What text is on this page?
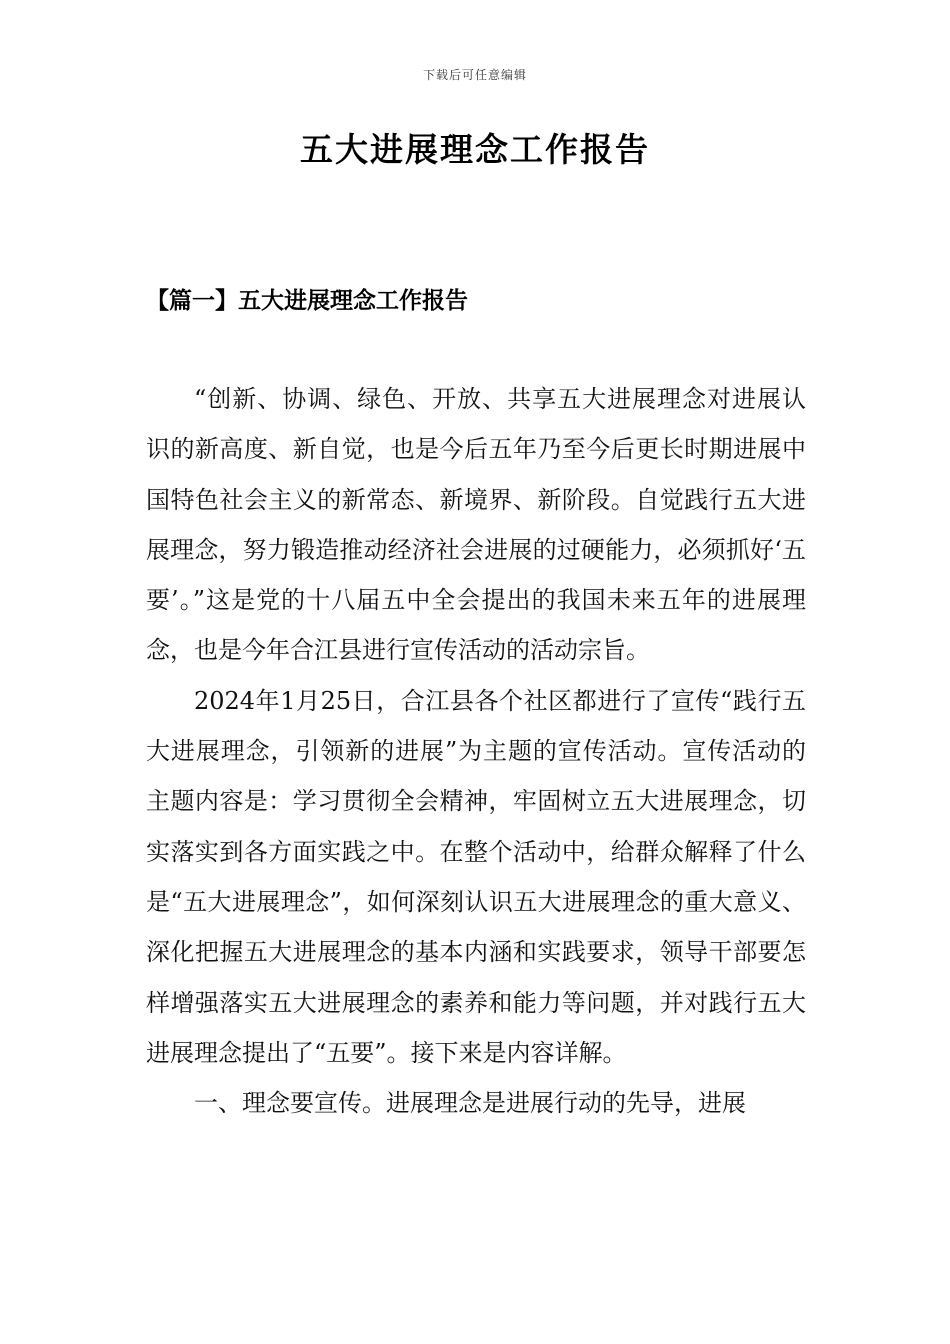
下载后可任意编辑
五大进展理念工作报告
【篇一】五大进展理念工作报告

“创新、协调、绿色、开放、共享五大进展理念对进展认识的新高度、新自觉，也是今后五年乃至今后更长时期进展中国特色社会主义的新常态、新境界、新阶段。自觉践行五大进展理念，努力锻造推动经济社会进展的过硬能力，必须抓好‘五要’。”这是党的十八届五中全会提出的我国未来五年的进展理念，也是今年合江县进行宣传活动的活动宗旨。

2024年1月25日，合江县各个社区都进行了宣传“践行五大进展理念，引领新的进展”为主题的宣传活动。宣传活动的主题内容是：学习贯彻全会精神，牢固树立五大进展理念，切实落实到各方面实践之中。在整个活动中，给群众解释了什么是“五大进展理念”，如何深刻认识五大进展理念的重大意义、深化把握五大进展理念的基本内涵和实践要求，领导干部要怎样增强落实五大进展理念的素养和能力等问题，并对践行五大进展理念提出了“五要”。接下来是内容详解。

一、理念要宣传。进展理念是进展行动的先导，进展
